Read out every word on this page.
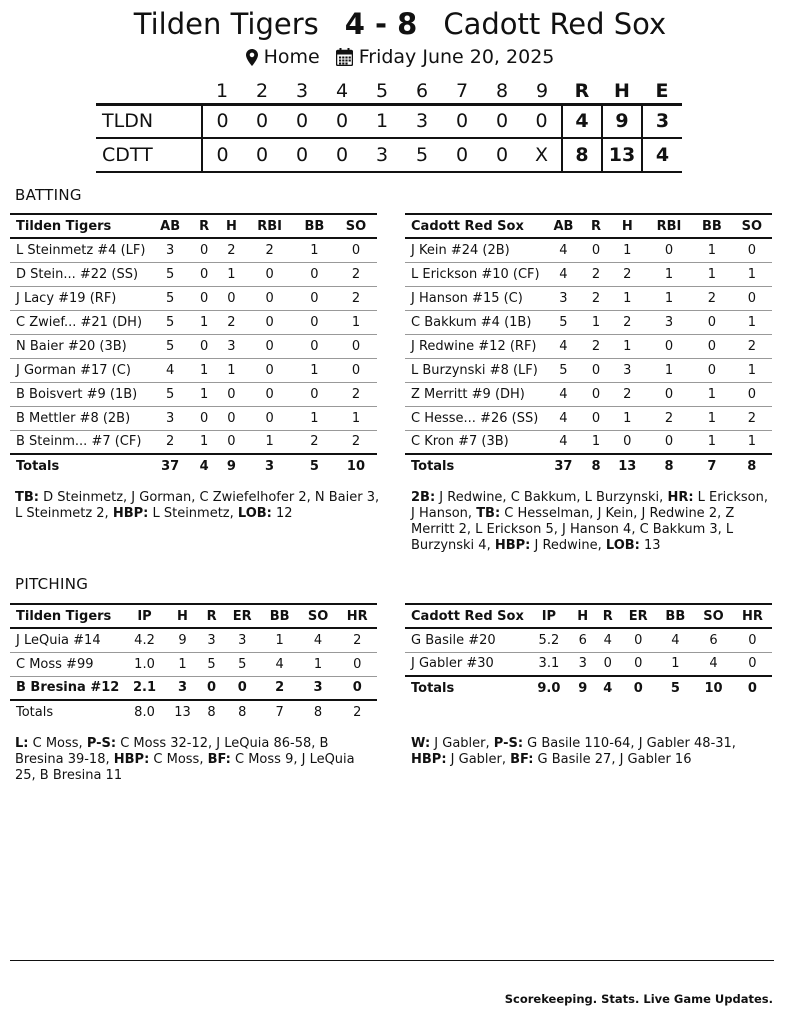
Tilden Tigers 4 - 8 Cadott Red Sox
Home Friday June 20, 2025
	1	2	3	4	5	6	7	8	9	R	H	E
TLDN	0	0	0	0	1	3	0	0	0	4	9	3
CDTT	0	0	0	0	3	5	0	0	X	8	13	4
BATTING
Tilden Tigers	AB	R	H	RBI	BB	SO
L Steinmetz #4 (LF)	3	0	2	2	1	0
D Stein... #22 (SS)	5	0	1	0	0	2
J Lacy #19 (RF)	5	0	0	0	0	2
C Zwief... #21 (DH)	5	1	2	0	0	1
N Baier #20 (3B)	5	0	3	0	0	0
J Gorman #17 (C)	4	1	1	0	1	0
B Boisvert #9 (1B)	5	1	0	0	0	2
B Mettler #8 (2B)	3	0	0	0	1	1
B Steinm... #7 (CF)	2	1	0	1	2	2
Totals	37	4	9	3	5	10
Cadott Red Sox	AB	R	H	RBI	BB	SO
J Kein #24 (2B)	4	0	1	0	1	0
L Erickson #10 (CF)	4	2	2	1	1	1
J Hanson #15 (C)	3	2	1	1	2	0
C Bakkum #4 (1B)	5	1	2	3	0	1
J Redwine #12 (RF)	4	2	1	0	0	2
L Burzynski #8 (LF)	5	0	3	1	0	1
Z Merritt #9 (DH)	4	0	2	0	1	0
C Hesse... #26 (SS)	4	0	1	2	1	2
C Kron #7 (3B)	4	1	0	0	1	1
Totals	37	8	13	8	7	8
TB: D Steinmetz, J Gorman, C Zwiefelhofer 2, N Baier 3, L Steinmetz 2, HBP: L Steinmetz, LOB: 12
2B: J Redwine, C Bakkum, L Burzynski, HR: L Erickson, J Hanson, TB: C Hesselman, J Kein, J Redwine 2, Z Merritt 2, L Erickson 5, J Hanson 4, C Bakkum 3, L Burzynski 4, HBP: J Redwine, LOB: 13
PITCHING
Tilden Tigers	IP	H	R	ER	BB	SO	HR
J LeQuia #14	4.2	9	3	3	1	4	2
C Moss #99	1.0	1	5	5	4	1	0
B Bresina #12	2.1	3	0	0	2	3	0
Totals	8.0	13	8	8	7	8	2
Cadott Red Sox	IP	H	R	ER	BB	SO	HR
G Basile #20	5.2	6	4	0	4	6	0
J Gabler #30	3.1	3	0	0	1	4	0
Totals	9.0	9	4	0	5	10	0
L: C Moss, P-S: C Moss 32-12, J LeQuia 86-58, B Bresina 39-18, HBP: C Moss, BF: C Moss 9, J LeQuia 25, B Bresina 11
W: J Gabler, P-S: G Basile 110-64, J Gabler 48-31, HBP: J Gabler, BF: G Basile 27, J Gabler 16
Scorekeeping. Stats. Live Game Updates.
